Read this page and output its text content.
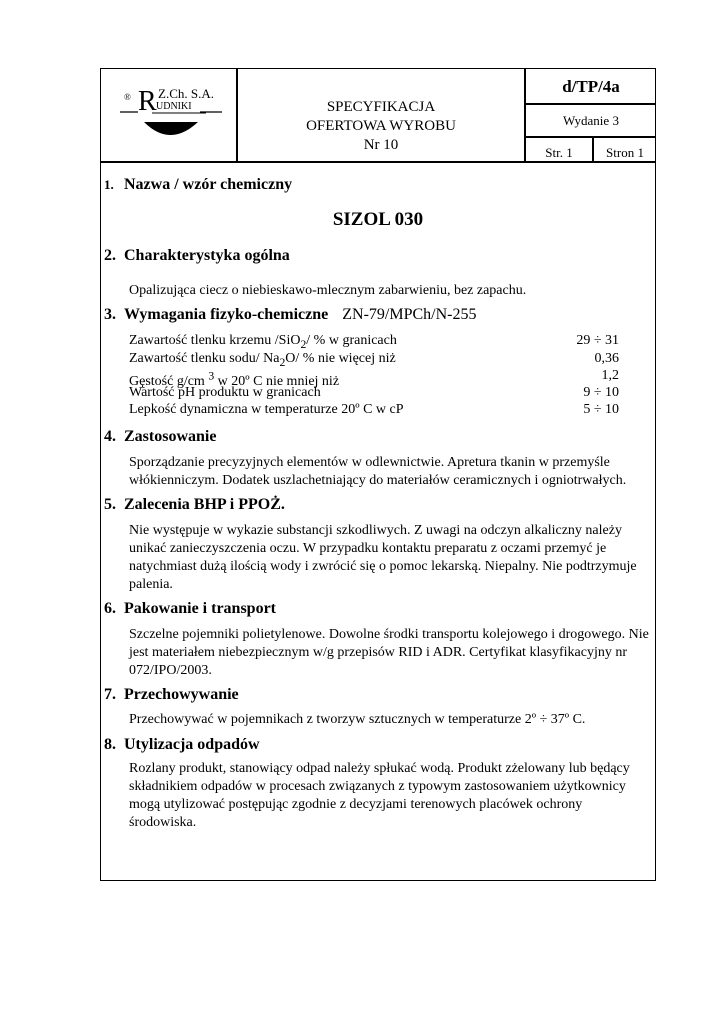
® R Z.Ch. S.A.
UDNIKI	SPECYFIKACJA
OFERTOWA WYROBU
Nr 10
d/TP/4a
Wydanie 3
Str. 1	Stron 1
1. Nazwa / wzór chemiczny
SIZOL 030
2. Charakterystyka ogólna
Opalizująca ciecz o niebieskawo-mlecznym zabarwieniu, bez zapachu.
3. Wymagania fizyko-chemiczne ZN-79/MPCh/N-255
Zawartość tlenku krzemu /SiO$_2$/ % w granicach	29 ÷ 31
Zawartość tlenku sodu/ $Na_2O/$ % nie więcej niż	0,36
Gęstość g/cm $^3$ w 20º C nie mniej niż	1,2
Wartość pH produktu w granicach	9 ÷ 10
Lepkość dynamiczna w temperaturze 20º C w cP	5 ÷ 10
4. Zastosowanie
Sporządzanie precyzyjnych elementów w odlewnictwie. Apretura tkanin w przemyśle włókienniczym. Dodatek uszlachetniający do materiałów ceramicznych i ogniotrwałych.
5. Zalecenia BHP i PPOŻ.
Nie występuje w wykazie substancji szkodliwych. Z uwagi na odczyn alkaliczny należy unikać zanieczyszczenia oczu. W przypadku kontaktu preparatu z oczami przemyć je natychmiast dużą ilością wody i zwrócić się o pomoc lekarską. Niepalny. Nie podtrzymuje palenia.
6. Pakowanie i transport
Szczelne pojemniki polietylenowe. Dowolne środki transportu kolejowego i drogowego. Nie jest materiałem niebezpiecznym w/g przepisów RID i ADR. Certyfikat klasyfikacyjny nr 072/IPO/2003.
7. Przechowywanie
Przechowywać w pojemnikach z tworzyw sztucznych w temperaturze 2º ÷ 37º C.
8. Utylizacja odpadów
Rozlany produkt, stanowiący odpad należy spłukać wodą. Produkt zżelowany lub będący składnikiem odpadów w procesach związanych z typowym zastosowaniem użytkownicy mogą utylizować postępując zgodnie z decyzjami terenowych placówek ochrony środowiska.
